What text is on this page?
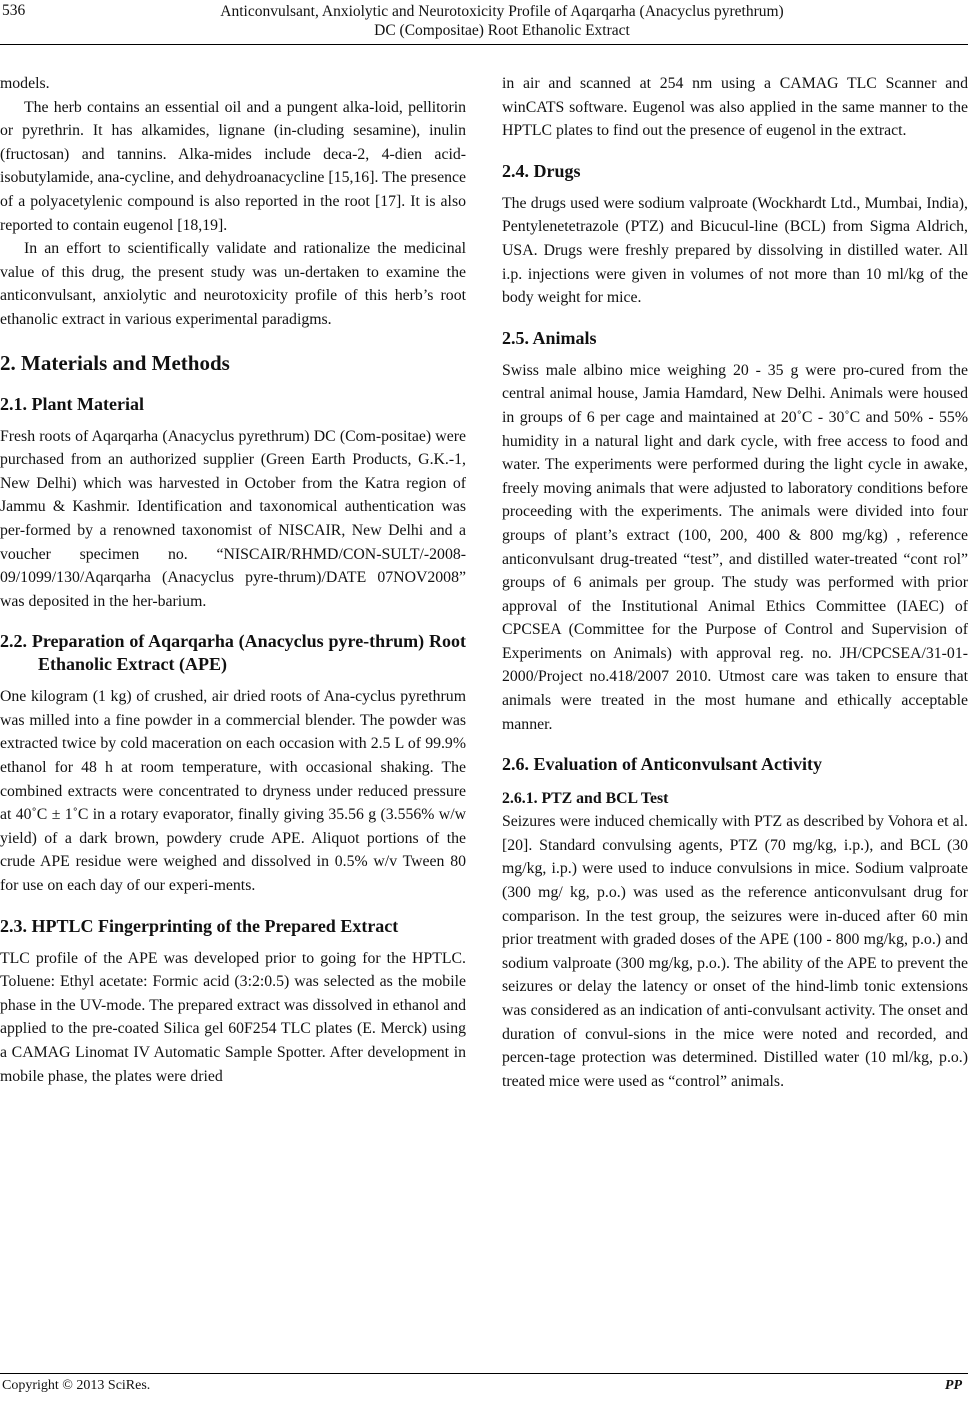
536	Anticonvulsant, Anxiolytic and Neurotoxicity Profile of Aqarqarha (Anacyclus pyrethrum)
DC (Compositae) Root Ethanolic Extract

models.

The herb contains an essential oil and a pungent alka-loid, pellitorin or pyrethrin. It has alkamides, lignane (in-cluding sesamine), inulin (fructosan) and tannins. Alka-mides include deca-2, 4-dien acid-isobutylamide, ana-cycline, and dehydroanacycline [15,16]. The presence of a polyacetylenic compound is also reported in the root [17]. It is also reported to contain eugenol [18,19].

In an effort to scientifically validate and rationalize the medicinal value of this drug, the present study was un-dertaken to examine the anticonvulsant, anxiolytic and neurotoxicity profile of this herb’s root ethanolic extract in various experimental paradigms.

2. Materials and Methods
2.1. Plant Material

Fresh roots of Aqarqarha (Anacyclus pyrethrum) DC (Com-positae) were purchased from an authorized supplier (Green Earth Products, G.K.-1, New Delhi) which was harvested in October from the Katra region of Jammu & Kashmir. Identification and taxonomical authentication was per-formed by a renowned taxonomist of NISCAIR, New Delhi and a voucher specimen no. “NISCAIR/RHMD/CON-SULT/-2008-09/1099/130/Aqarqarha (Anacyclus pyre-thrum)/DATE 07NOV2008” was deposited in the her-barium.

2.2. Preparation of Aqarqarha (Anacyclus pyre-thrum) Root Ethanolic Extract (APE)

One kilogram (1 kg) of crushed, air dried roots of Ana-cyclus pyrethrum was milled into a fine powder in a commercial blender. The powder was extracted twice by cold maceration on each occasion with 2.5 L of 99.9% ethanol for 48 h at room temperature, with occasional shaking. The combined extracts were concentrated to dryness under reduced pressure at 40˚C ± 1˚C in a rotary evaporator, finally giving 35.56 g (3.556% w/w yield) of a dark brown, powdery crude APE. Aliquot portions of the crude APE residue were weighed and dissolved in 0.5% w/v Tween 80 for use on each day of our experi-ments.

2.3. HPTLC Fingerprinting of the Prepared Extract

TLC profile of the APE was developed prior to going for the HPTLC. Toluene: Ethyl acetate: Formic acid (3:2:0.5) was selected as the mobile phase in the UV-mode. The prepared extract was dissolved in ethanol and applied to the pre-coated Silica gel 60F254 TLC plates (E. Merck) using a CAMAG Linomat IV Automatic Sample Spotter. After development in mobile phase, the plates were dried

in air and scanned at 254 nm using a CAMAG TLC Scanner and winCATS software. Eugenol was also applied in the same manner to the HPTLC plates to find out the presence of eugenol in the extract.

2.4. Drugs

The drugs used were sodium valproate (Wockhardt Ltd., Mumbai, India), Pentylenetetrazole (PTZ) and Bicucul-line (BCL) from Sigma Aldrich, USA. Drugs were freshly prepared by dissolving in distilled water. All i.p. injections were given in volumes of not more than 10 ml/kg of the body weight for mice.

2.5. Animals

Swiss male albino mice weighing 20 - 35 g were pro-cured from the central animal house, Jamia Hamdard, New Delhi. Animals were housed in groups of 6 per cage and maintained at 20˚C - 30˚C and 50% - 55% humidity in a natural light and dark cycle, with free access to food and water. The experiments were performed during the light cycle in awake, freely moving animals that were adjusted to laboratory conditions before proceeding with the experiments. The animals were divided into four groups of plant’s extract (100, 200, 400 & 800 mg/kg) , reference anticonvulsant drug-treated “test”, and distilled water-treated “cont rol” groups of 6 animals per group. The study was performed with prior approval of the Institutional Animal Ethics Committee (IAEC) of CPCSEA (Committee for the Purpose of Control and Supervision of Experiments on Animals) with approval reg. no. JH/CPCSEA/31-01-2000/Project no.418/2007 2010. Utmost care was taken to ensure that animals were treated in the most humane and ethically acceptable manner.

2.6. Evaluation of Anticonvulsant Activity
2.6.1. PTZ and BCL Test

Seizures were induced chemically with PTZ as described by Vohora et al. [20]. Standard convulsing agents, PTZ (70 mg/kg, i.p.), and BCL (30 mg/kg, i.p.) were used to induce convulsions in mice. Sodium valproate (300 mg/ kg, p.o.) was used as the reference anticonvulsant drug for comparison. In the test group, the seizures were in-duced after 60 min prior treatment with graded doses of the APE (100 - 800 mg/kg, p.o.) and sodium valproate (300 mg/kg, p.o.). The ability of the APE to prevent the seizures or delay the latency or onset of the hind-limb tonic extensions was considered as an indication of anti-convulsant activity. The onset and duration of convul-sions in the mice were noted and recorded, and percen-tage protection was determined. Distilled water (10 ml/kg, p.o.) treated mice were used as “control” animals.

Copyright © 2013 SciRes.	PP
